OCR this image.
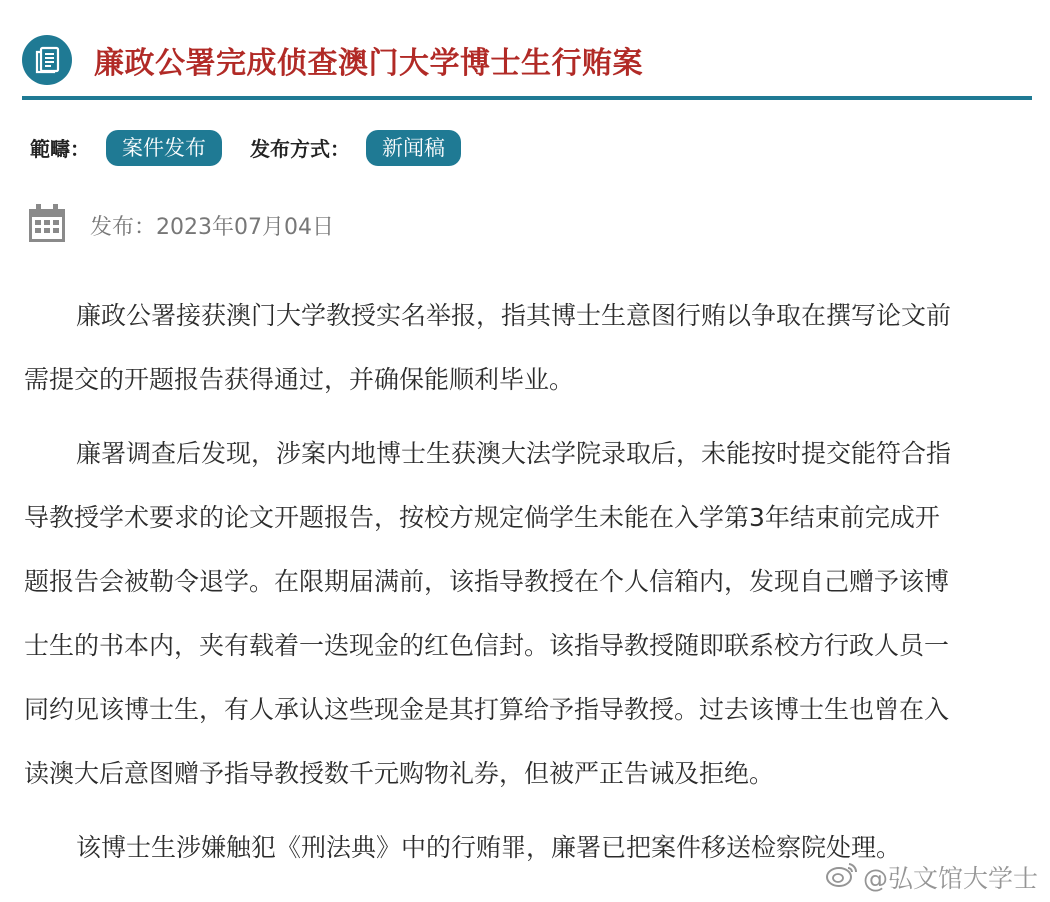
廉政公署完成侦查澳门大学博士生行贿案
範疇：	案件发布	发布方式：	新闻稿
发布：2023年07月04日

廉政公署接获澳门大学教授实名举报，指其博士生意图行贿以争取在撰写论文前
需提交的开题报告获得通过，并确保能顺利毕业。

廉署调查后发现，涉案内地博士生获澳大法学院录取后，未能按时提交能符合指
导教授学术要求的论文开题报告，按校方规定倘学生未能在入学第3年结束前完成开
题报告会被勒令退学。在限期届满前，该指导教授在个人信箱内，发现自己赠予该博
士生的书本内，夹有载着一迭现金的红色信封。该指导教授随即联系校方行政人员一
同约见该博士生，有人承认这些现金是其打算给予指导教授。过去该博士生也曾在入
读澳大后意图赠予指导教授数千元购物礼券，但被严正告诫及拒绝。

该博士生涉嫌触犯《刑法典》中的行贿罪，廉署已把案件移送检察院处理。

@弘文馆大学士
